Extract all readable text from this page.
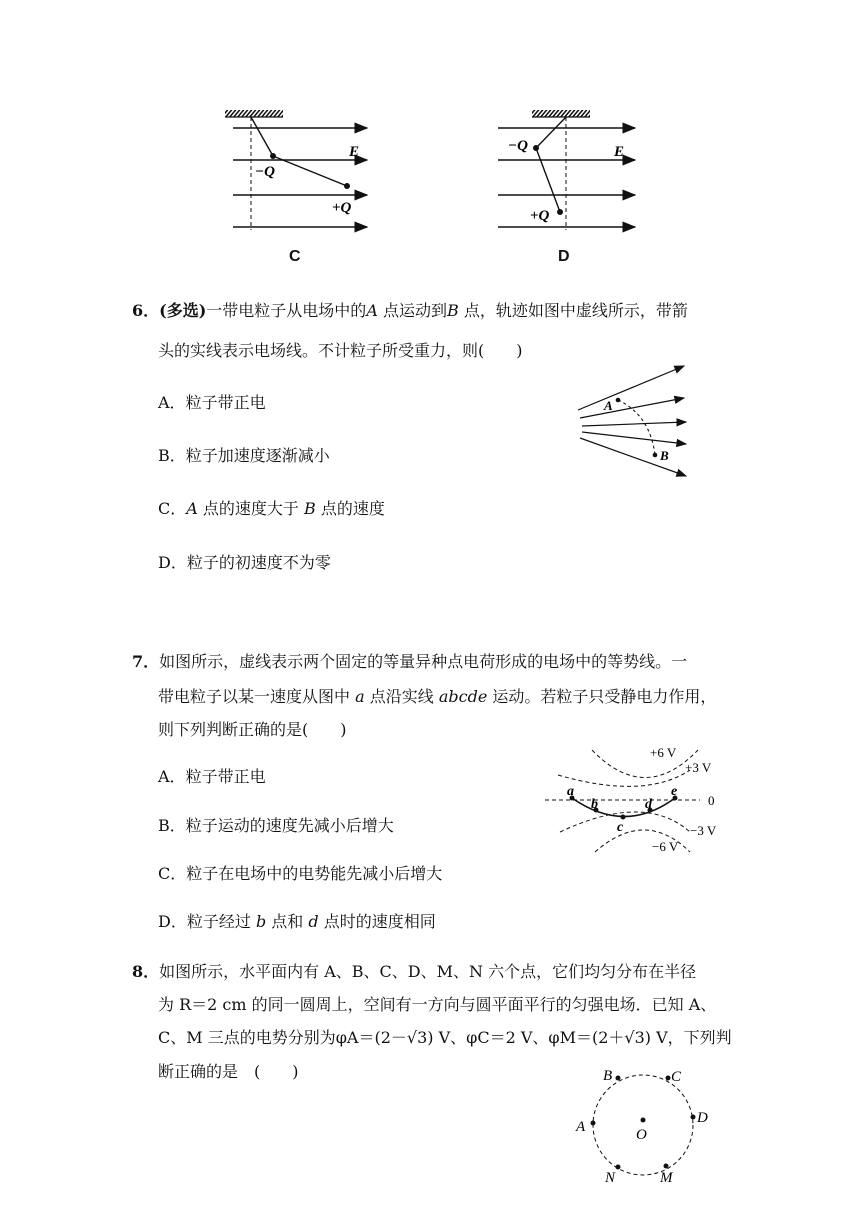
E
−Q
+Q
C
E
−Q
+Q
D
6．(多选)一带电粒子从电场中的A 点运动到B 点，轨迹如图中虚线所示，带箭
头的实线表示电场线。不计粒子所受重力，则(　　)
A．粒子带正电
B．粒子加速度逐渐减小
C．A 点的速度大于 B 点的速度
D．粒子的初速度不为零
A
B
7．如图所示，虚线表示两个固定的等量异种点电荷形成的电场中的等势线。一
带电粒子以某一速度从图中 a 点沿实线 abcde 运动。若粒子只受静电力作用，
则下列判断正确的是(　　)
A．粒子带正电
B．粒子运动的速度先减小后增大
C．粒子在电场中的电势能先减小后增大
D．粒子经过 b 点和 d 点时的速度相同
a
b
c
d
e
+6 V
+3 V
0
−3 V
−6 V
8．如图所示，水平面内有 A、B、C、D、M、N 六个点，它们均匀分布在半径
为 R＝2 cm 的同一圆周上，空间有一方向与圆平面平行的匀强电场．已知 A、
C、M 三点的电势分别为φA＝(2－√3) V、φC＝2 V、φM＝(2＋√3) V，下列判
断正确的是　(　　)	B	C
A	O
D
N	M
